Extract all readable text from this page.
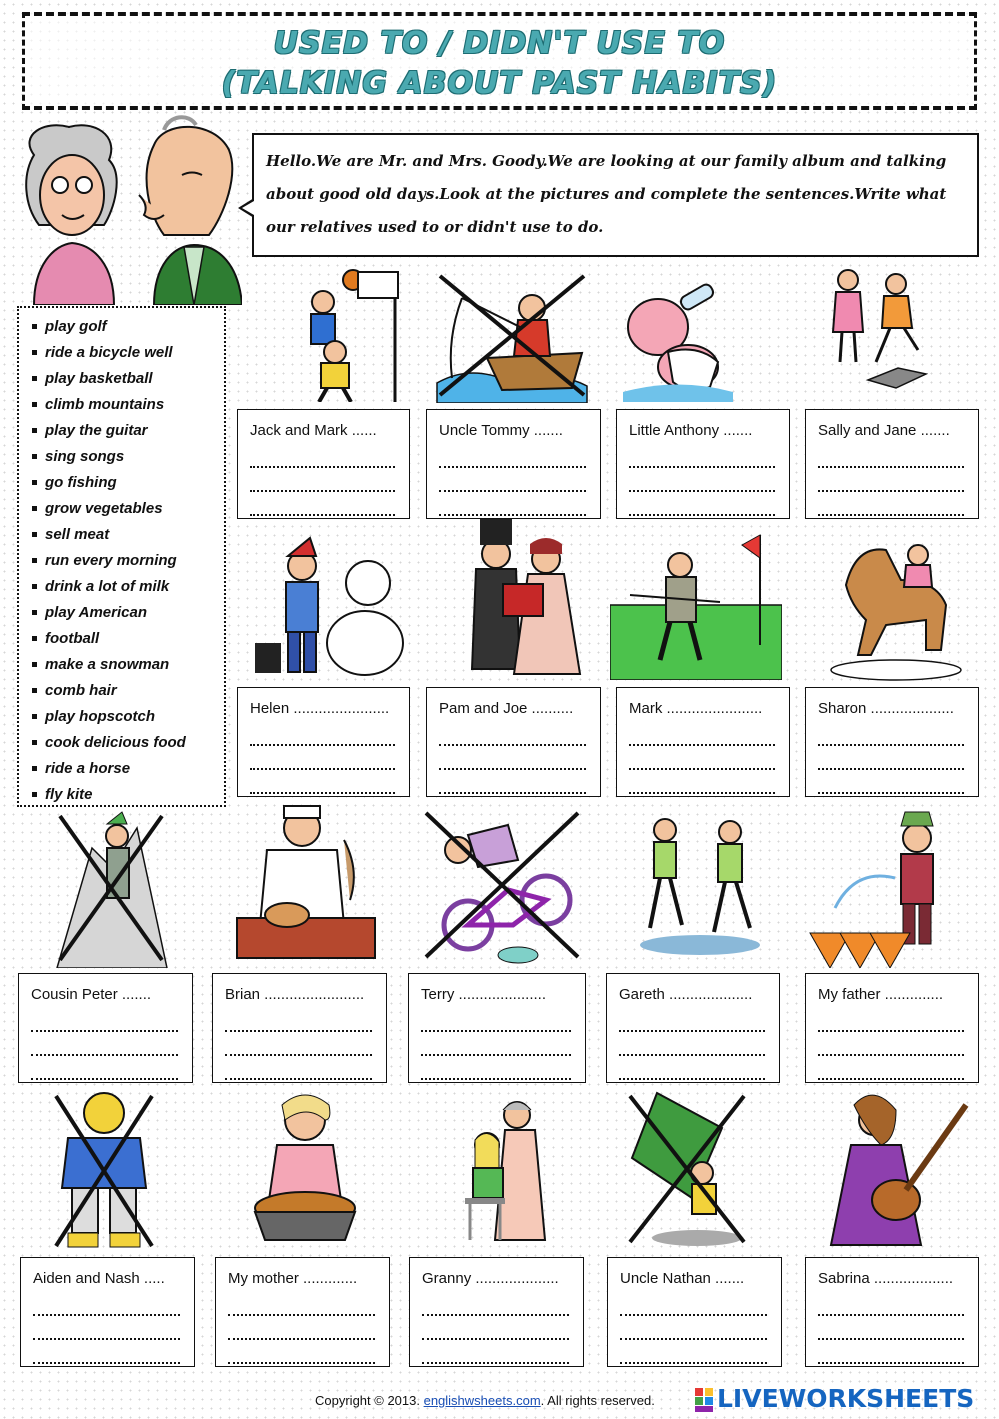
USED TO / DIDN'T USE TO
(TALKING ABOUT PAST HABITS)
Hello.We are Mr. and Mrs. Goody.We are looking at our family album and talking
about good old days.Look at the pictures and complete the sentences.Write what
our relatives used to or didn't use to do.
play golf
ride a bicycle well
play basketball
climb mountains
play the guitar
sing songs
go fishing
grow vegetables
sell meat
run every morning
drink a lot of milk
play American
football
make a snowman
comb hair
play hopscotch
cook delicious food
ride a horse
fly kite
Jack and Mark ......	Uncle Tommy .......	Little Anthony .......	Sally and Jane .......
Helen .......................	Pam and Joe ..........	Mark .......................	Sharon ....................
Cousin Peter .......	Brian ........................	Terry .....................	Gareth ....................	My father ..............
Aiden and Nash .....	My mother .............	Granny ....................	Uncle Nathan .......	Sabrina ...................
Copyright © 2013. englishwsheets.com. All rights reserved.	LIVEWORKSHEETS
